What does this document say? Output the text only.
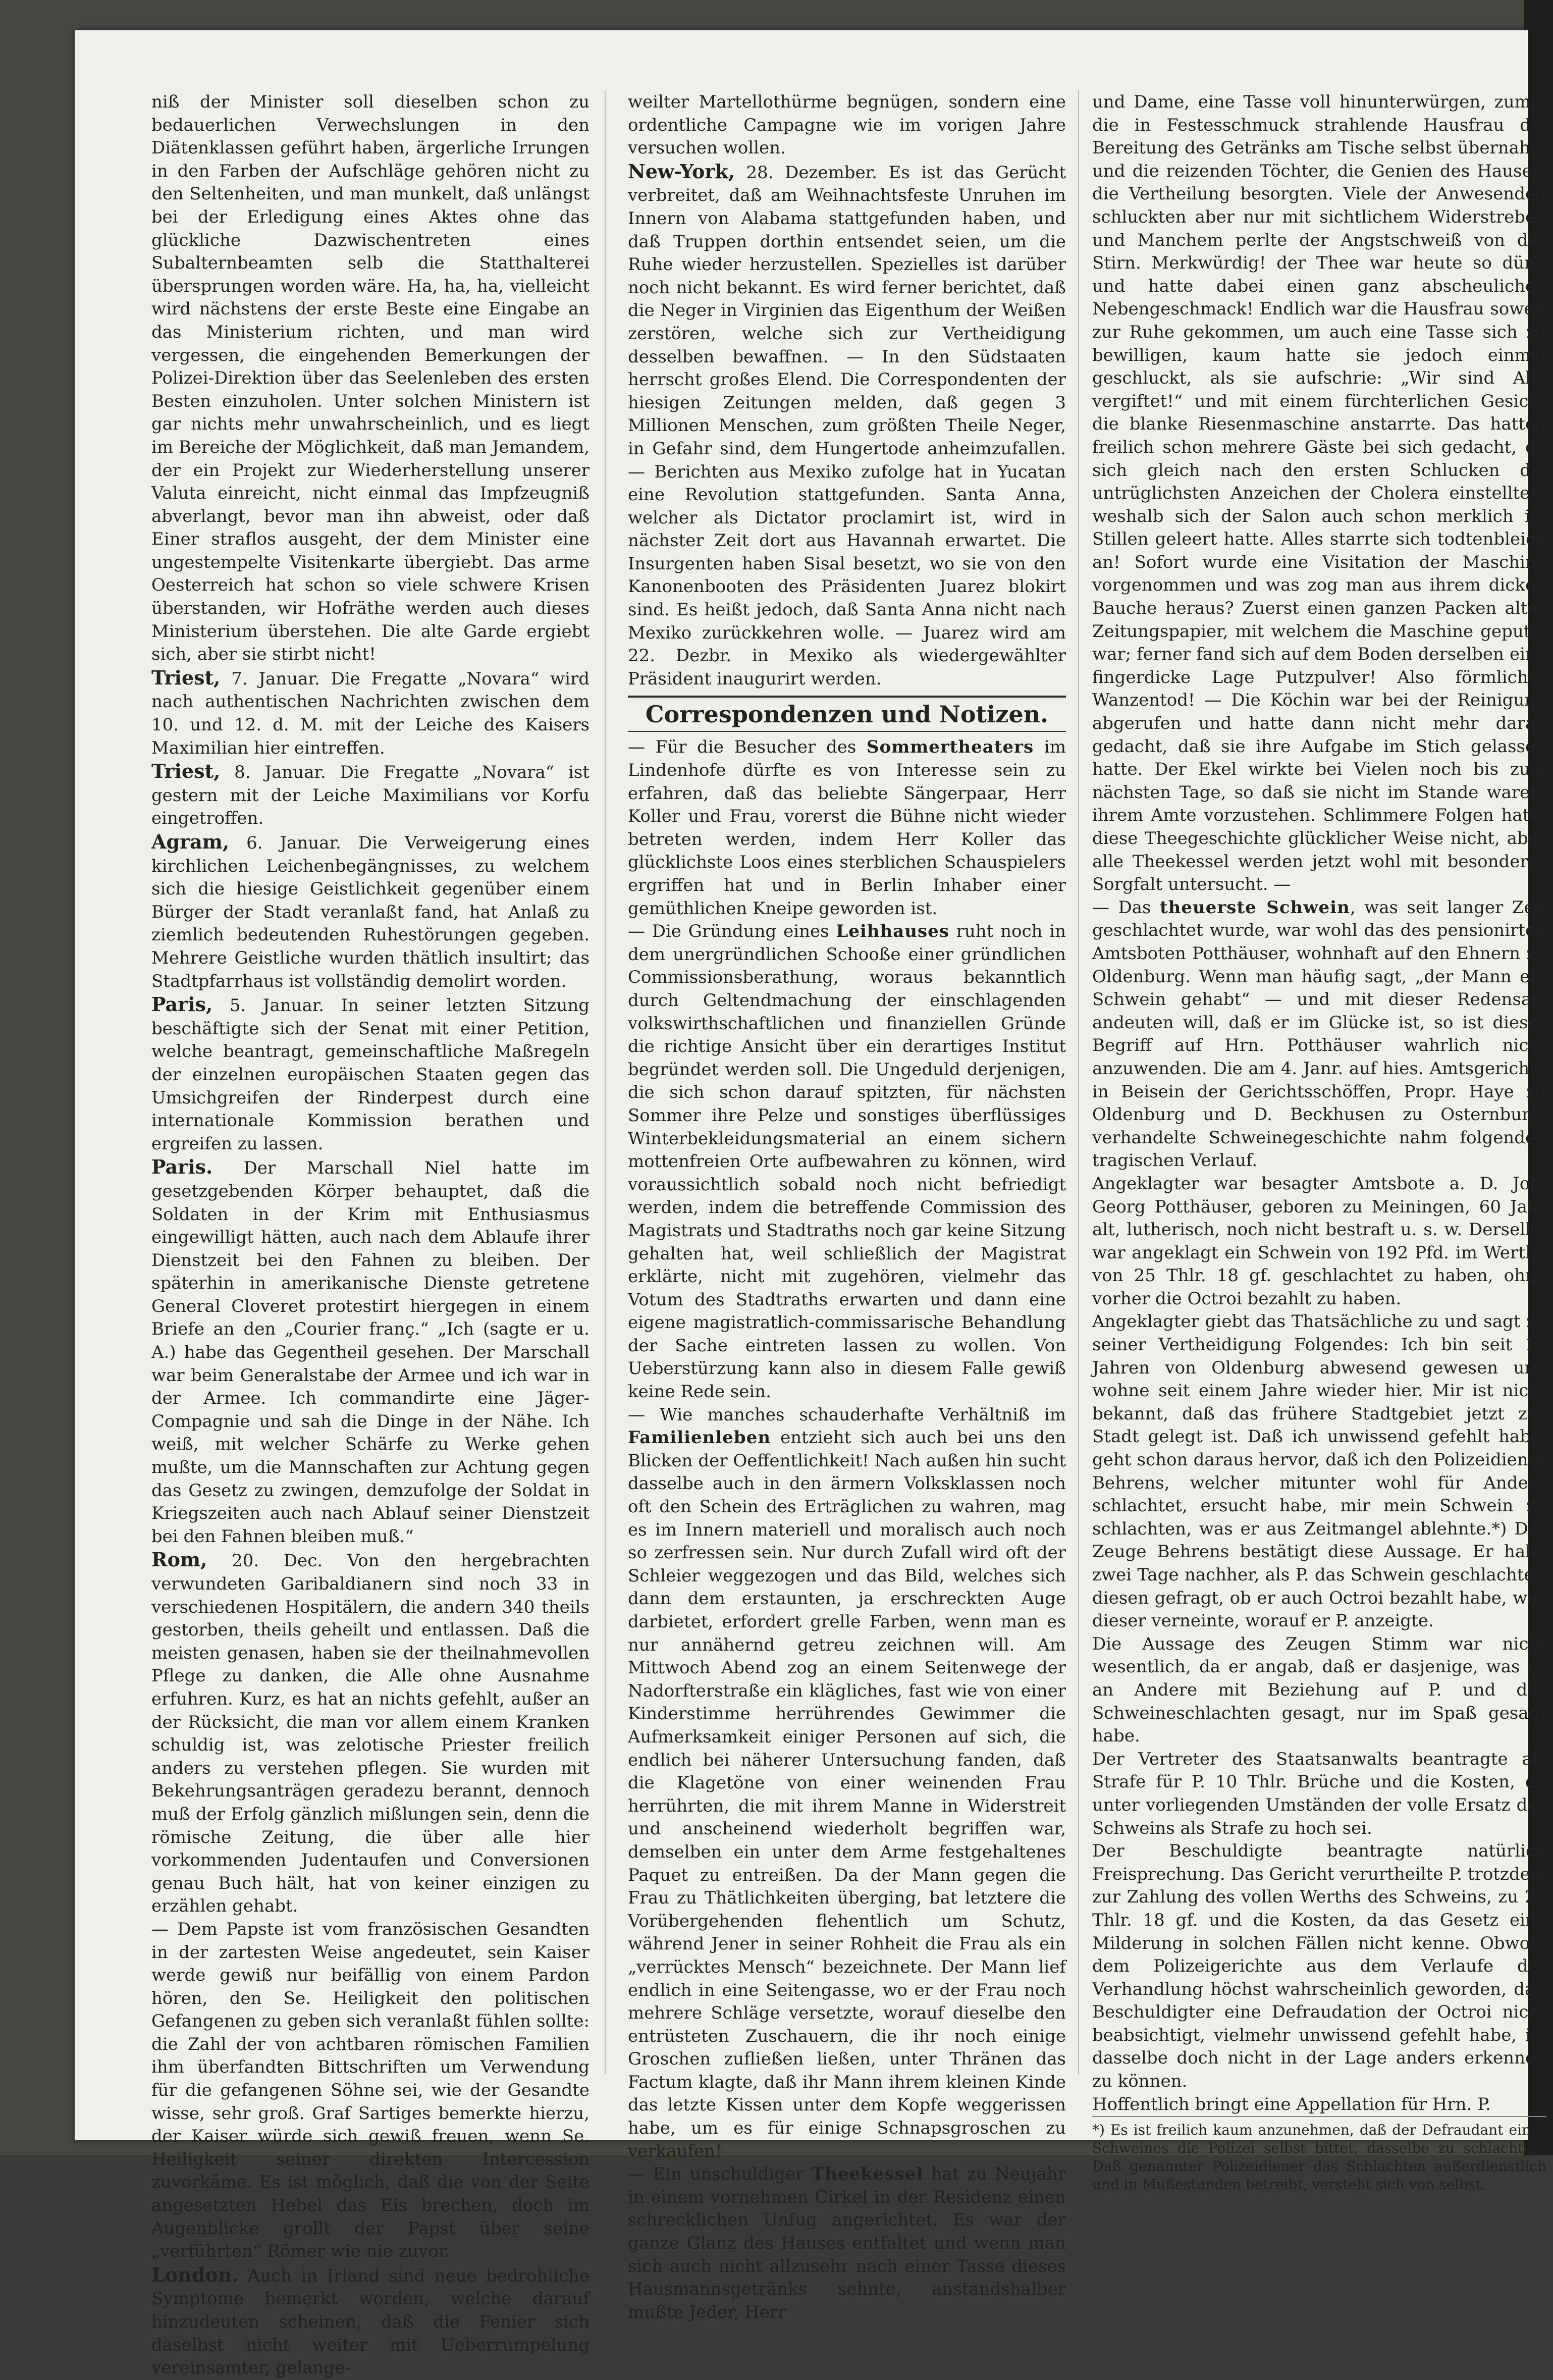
niß der Minister soll dieselben schon zu bedauerlichen Verwechslungen in den Diätenklassen geführt haben, ärgerliche Irrungen in den Farben der Aufschläge gehören nicht zu den Seltenheiten, und man munkelt, daß unlängst bei der Erledigung eines Aktes ohne das glückliche Dazwischentreten eines Subalternbeamten selb die Statthalterei übersprungen worden wäre. Ha, ha, ha, vielleicht wird nächstens der erste Beste eine Eingabe an das Ministerium richten, und man wird vergessen, die eingehenden Bemerkungen der Polizei-Direktion über das Seelenleben des ersten Besten einzuholen. Unter solchen Ministern ist gar nichts mehr unwahrscheinlich, und es liegt im Bereiche der Möglichkeit, daß man Jemandem, der ein Projekt zur Wiederherstellung unserer Valuta einreicht, nicht einmal das Impfzeugniß abverlangt, bevor man ihn abweist, oder daß Einer straflos ausgeht, der dem Minister eine ungestempelte Visitenkarte übergiebt. Das arme Oesterreich hat schon so viele schwere Krisen überstanden, wir Hofräthe werden auch dieses Ministerium überstehen. Die alte Garde ergiebt sich, aber sie stirbt nicht!

Triest, 7. Januar. Die Fregatte „Novara“ wird nach authentischen Nachrichten zwischen dem 10. und 12. d. M. mit der Leiche des Kaisers Maximilian hier eintreffen.

Triest, 8. Januar. Die Fregatte „Novara“ ist gestern mit der Leiche Maximilians vor Korfu eingetroffen.

Agram, 6. Januar. Die Verweigerung eines kirchlichen Leichenbegängnisses, zu welchem sich die hiesige Geistlichkeit gegenüber einem Bürger der Stadt veranlaßt fand, hat Anlaß zu ziemlich bedeutenden Ruhestörungen gegeben. Mehrere Geistliche wurden thätlich insultirt; das Stadtpfarrhaus ist vollständig demolirt worden.

Paris, 5. Januar. In seiner letzten Sitzung beschäftigte sich der Senat mit einer Petition, welche beantragt, gemeinschaftliche Maßregeln der einzelnen europäischen Staaten gegen das Umsichgreifen der Rinderpest durch eine internationale Kommission berathen und ergreifen zu lassen.

Paris. Der Marschall Niel hatte im gesetzgebenden Körper behauptet, daß die Soldaten in der Krim mit Enthusiasmus eingewilligt hätten, auch nach dem Ablaufe ihrer Dienstzeit bei den Fahnen zu bleiben. Der späterhin in amerikanische Dienste getretene General Cloveret protestirt hiergegen in einem Briefe an den „Courier franç.“ „Ich (sagte er u. A.) habe das Gegentheil gesehen. Der Marschall war beim Generalstabe der Armee und ich war in der Armee. Ich commandirte eine Jäger-Compagnie und sah die Dinge in der Nähe. Ich weiß, mit welcher Schärfe zu Werke gehen mußte, um die Mannschaften zur Achtung gegen das Gesetz zu zwingen, demzufolge der Soldat in Kriegszeiten auch nach Ablauf seiner Dienstzeit bei den Fahnen bleiben muß.“

Rom, 20. Dec. Von den hergebrachten verwundeten Garibaldianern sind noch 33 in verschiedenen Hospitälern, die andern 340 theils gestorben, theils geheilt und entlassen. Daß die meisten genasen, haben sie der theilnahmevollen Pflege zu danken, die Alle ohne Ausnahme erfuhren. Kurz, es hat an nichts gefehlt, außer an der Rücksicht, die man vor allem einem Kranken schuldig ist, was zelotische Priester freilich anders zu verstehen pflegen. Sie wurden mit Bekehrungsanträgen geradezu berannt, dennoch muß der Erfolg gänzlich mißlungen sein, denn die römische Zeitung, die über alle hier vorkommenden Judentaufen und Conversionen genau Buch hält, hat von keiner einzigen zu erzählen gehabt.

— Dem Papste ist vom französischen Gesandten in der zartesten Weise angedeutet, sein Kaiser werde gewiß nur beifällig von einem Pardon hören, den Se. Heiligkeit den politischen Gefangenen zu geben sich veranlaßt fühlen sollte: die Zahl der von achtbaren römischen Familien ihm überfandten Bittschriften um Verwendung für die gefangenen Söhne sei, wie der Gesandte wisse, sehr groß. Graf Sartiges bemerkte hierzu, der Kaiser würde sich gewiß freuen, wenn Se. Heiligkeit seiner direkten Intercession zuvorkäme. Es ist möglich, daß die von der Seite angesetzten Hebel das Eis brechen, doch im Augenblicke grollt der Papst über seine „verführten“ Römer wie nie zuvor.

London. Auch in Irland sind neue bedrohliche Symptome bemerkt worden, welche darauf hinzudeuten scheinen, daß die Fenier sich daselbst nicht weiter mit Ueberrumpelung vereinsamter, gelange-

weilter Martellothürme begnügen, sondern eine ordentliche Campagne wie im vorigen Jahre versuchen wollen.

New-York, 28. Dezember. Es ist das Gerücht verbreitet, daß am Weihnachtsfeste Unruhen im Innern von Alabama stattgefunden haben, und daß Truppen dorthin entsendet seien, um die Ruhe wieder herzustellen. Speziellеs ist darüber noch nicht bekannt. Es wird ferner berichtet, daß die Neger in Virginien das Eigenthum der Weißen zerstören, welche sich zur Vertheidigung desselben bewaffnen. — In den Südstaaten herrscht großes Elend. Die Correspondenten der hiesigen Zeitungen melden, daß gegen 3 Millionen Menschen, zum größten Theile Neger, in Gefahr sind, dem Hungertode anheimzufallen. — Berichten aus Mexiko zufolge hat in Yucatan eine Revolution stattgefunden. Santa Anna, welcher als Dictator proclamirt ist, wird in nächster Zeit dort aus Havannah erwartet. Die Insurgenten haben Sisal besetzt, wo sie von den Kanonenbooten des Präsidenten Juarez blokirt sind. Es heißt jedoch, daß Santa Anna nicht nach Mexiko zurückkehren wolle. — Juarez wird am 22. Dezbr. in Mexiko als wiedergewählter Präsident inaugurirt werden.

Correspondenzen und Notizen.

— Für die Besucher des Sommertheaters im Lindenhofe dürfte es von Interesse sein zu erfahren, daß das beliebte Sängerpaar, Herr Koller und Frau, vorerst die Bühne nicht wieder betreten werden, indem Herr Koller das glücklichste Loos eines sterblichen Schauspielers ergriffen hat und in Berlin Inhaber einer gemüthlichen Kneipe geworden ist.

— Die Gründung eines Leihhauses ruht noch in dem unergründlichen Schooße einer gründlichen Commissionsberathung, woraus bekanntlich durch Geltendmachung der einschlagenden volkswirthschaftlichen und finanziellen Gründe die richtige Ansicht über ein derartiges Institut begründet werden soll. Die Ungeduld derjenigen, die sich schon darauf spitzten, für nächsten Sommer ihre Pelze und sonstiges überflüssiges Winterbekleidungsmaterial an einem sichern mottenfreien Orte aufbewahren zu können, wird voraussichtlich sobald noch nicht befriedigt werden, indem die betreffende Commission des Magistrats und Stadtraths noch gar keine Sitzung gehalten hat, weil schließlich der Magistrat erklärte, nicht mit zugehören, vielmehr das Votum des Stadtraths erwarten und dann eine eigene magistratlich-commissarische Behandlung der Sache eintreten lassen zu wollen. Von Ueberstürzung kann also in diesem Falle gewiß keine Rede sein.

— Wie manches schauderhafte Verhältniß im Familienleben entzieht sich auch bei uns den Blicken der Oeffentlichkeit! Nach außen hin sucht dasselbe auch in den ärmern Volksklassen noch oft den Schein des Erträglichen zu wahren, mag es im Innern materiell und moralisch auch noch so zerfressen sein. Nur durch Zufall wird oft der Schleier weggezogen und das Bild, welches sich dann dem erstaunten, ja erschreckten Auge darbietet, erfordert grelle Farben, wenn man es nur annähernd getreu zeichnen will. Am Mittwoch Abend zog an einem Seitenwege der Nadorfterstraße ein klägliches, fast wie von einer Kinderstimme herrührendes Gewimmer die Aufmerksamkeit einiger Personen auf sich, die endlich bei näherer Untersuchung fanden, daß die Klagetöne von einer weinenden Frau herrührten, die mit ihrem Manne in Widerstreit und anscheinend wiederholt begriffen war, demselben ein unter dem Arme festgehaltenes Paquet zu entreißen. Da der Mann gegen die Frau zu Thätlichkeiten überging, bat letztere die Vorübergehenden flehentlich um Schutz, während Jener in seiner Rohheit die Frau als ein „verrücktes Mensch“ bezeichnete. Der Mann lief endlich in eine Seitengasse, wo er der Frau noch mehrere Schläge versetzte, worauf dieselbe den entrüsteten Zuschauern, die ihr noch einige Groschen zufließen ließen, unter Thränen das Factum klagte, daß ihr Mann ihrem kleinen Kinde das letzte Kissen unter dem Kopfe weggerissen habe, um es für einige Schnapsgroschen zu verkaufen!

— Ein unschuldiger Theekessel hat zu Neujahr in einem vornehmen Cirkel in der Residenz einen schrecklichen Unfug angerichtet. Es war der ganze Glanz des Hauses entfaltet und wenn man sich auch nicht allzusehr nach einer Tasse dieses Hausmannsgetränks sehnte, anstandshalber mußte Jeder, Herr

und Dame, eine Tasse voll hinunterwürgen, zumal die in Festesschmuck strahlende Hausfrau die Bereitung des Getränks am Tische selbst übernahm und die reizenden Töchter, die Genien des Hauses, die Vertheilung besorgten. Viele der Anwesenden schluckten aber nur mit sichtlichem Widerstreben und Manchem perlte der Angstschweiß von der Stirn. Merkwürdig! der Thee war heute so dünn und hatte dabei einen ganz abscheulichen Nebengeschmack! Endlich war die Hausfrau soweit zur Ruhe gekommen, um auch eine Tasse sich zu bewilligen, kaum hatte sie jedoch einmal geschluckt, als sie aufschrie: „Wir sind Alle vergiftet!“ und mit einem fürchterlichen Gesicht die blanke Riesenmaschine anstarrte. Das hatten freilich schon mehrere Gäste bei sich gedacht, da sich gleich nach den ersten Schlucken die untrüglichsten Anzeichen der Cholera einstellten, weshalb sich der Salon auch schon merklich im Stillen geleert hatte. Alles starrte sich todtenbleich an! Sofort wurde eine Visitation der Maschine vorgenommen und was zog man aus ihrem dicken Bauche heraus? Zuerst einen ganzen Packen altes Zeitungspapier, mit welchem die Maschine geputzt war; ferner fand sich auf dem Boden derselben eine fingerdicke Lage Putzpulver! Also förmlicher Wanzentod! — Die Köchin war bei der Reinigung abgerufen und hatte dann nicht mehr daran gedacht, daß sie ihre Aufgabe im Stich gelassen hatte. Der Ekel wirkte bei Vielen noch bis zum nächsten Tage, so daß sie nicht im Stande waren, ihrem Amte vorzustehen. Schlimmere Folgen hatte diese Theegeschichte glücklicher Weise nicht, aber alle Theekessel werden jetzt wohl mit besonderer Sorgfalt untersucht. —

— Das theuerste Schwein, was seit langer Zeit geschlachtet wurde, war wohl das des pensionirten Amtsboten Potthäuser, wohnhaft auf den Ehnern zu Oldenburg. Wenn man häufig sagt, „der Mann ein Schwein gehabt“ — und mit dieser Redensart andeuten will, daß er im Glücke ist, so ist dieser Begriff auf Hrn. Potthäuser wahrlich nicht anzuwenden. Die am 4. Janr. auf hies. Amtsgerichte in Beisein der Gerichtsschöffen, Propr. Haye zu Oldenburg und D. Beckhusen zu Osternburg. verhandelte Schweinegeschichte nahm folgenden tragischen Verlauf.

Angeklagter war besagter Amtsbote a. D. Joh. Georg Potthäuser, geboren zu Meiningen, 60 Jahr alt, lutherisch, noch nicht bestraft u. s. w. Derselbe war angeklagt ein Schwein von 192 Pfd. im Werthe von 25 Thlr. 18 gf. geschlachtet zu haben, ohne vorher die Octroi bezahlt zu haben.

Angeklagter giebt das Thatsächliche zu und sagt zu seiner Vertheidigung Folgendes: Ich bin seit 16 Jahren von Oldenburg abwesend gewesen und wohne seit einem Jahre wieder hier. Mir ist nicht bekannt, daß das frühere Stadtgebiet jetzt zur Stadt gelegt ist. Daß ich unwissend gefehlt habe, geht schon daraus hervor, daß ich den Polizeidiener Behrens, welcher mitunter wohl für Andere schlachtet, ersucht habe, mir mein Schwein zu schlachten, was er aus Zeitmangel ablehnte.*) Der Zeuge Behrens bestätigt diese Aussage. Er habe zwei Tage nachher, als P. das Schwein geschlachtet, diesen gefragt, ob er auch Octroi bezahlt habe, was dieser verneinte, worauf er P. anzeigte.

Die Aussage des Zeugen Stimm war nicht wesentlich, da er angab, daß er dasjenige, was er an Andere mit Beziehung auf P. und das Schweineschlachten gesagt, nur im Spaß gesagt habe.

Der Vertreter des Staatsanwalts beantragte als Strafe für P. 10 Thlr. Brüche und die Kosten, da unter vorliegenden Umständen der volle Ersatz des Schweins als Strafe zu hoch sei.

Der Beschuldigte beantragte natürlich Freisprechung. Das Gericht verurtheilte P. trotzdem zur Zahlung des vollen Werths des Schweins, zu 25 Thlr. 18 gf. und die Kosten, da das Gesetz eine Milderung in solchen Fällen nicht kenne. Obwohl dem Polizeigerichte aus dem Verlaufe der Verhandlung höchst wahrscheinlich geworden, daß Beschuldigter eine Defraudation der Octroi nicht beabsichtigt, vielmehr unwissend gefehlt habe, ist dasselbe doch nicht in der Lage anders erkennen zu können.

Hoffentlich bringt eine Appellation für Hrn. P.

*) Es ist freilich kaum anzunehmen, daß der Defraudant eines Schweines die Polizei selbst bittet, dasselbe zu schlachten! Daß genannter Polizeidiener das Schlachten außerdienstlich und in Mußestunden betreibt, versteht sich von selbst.
